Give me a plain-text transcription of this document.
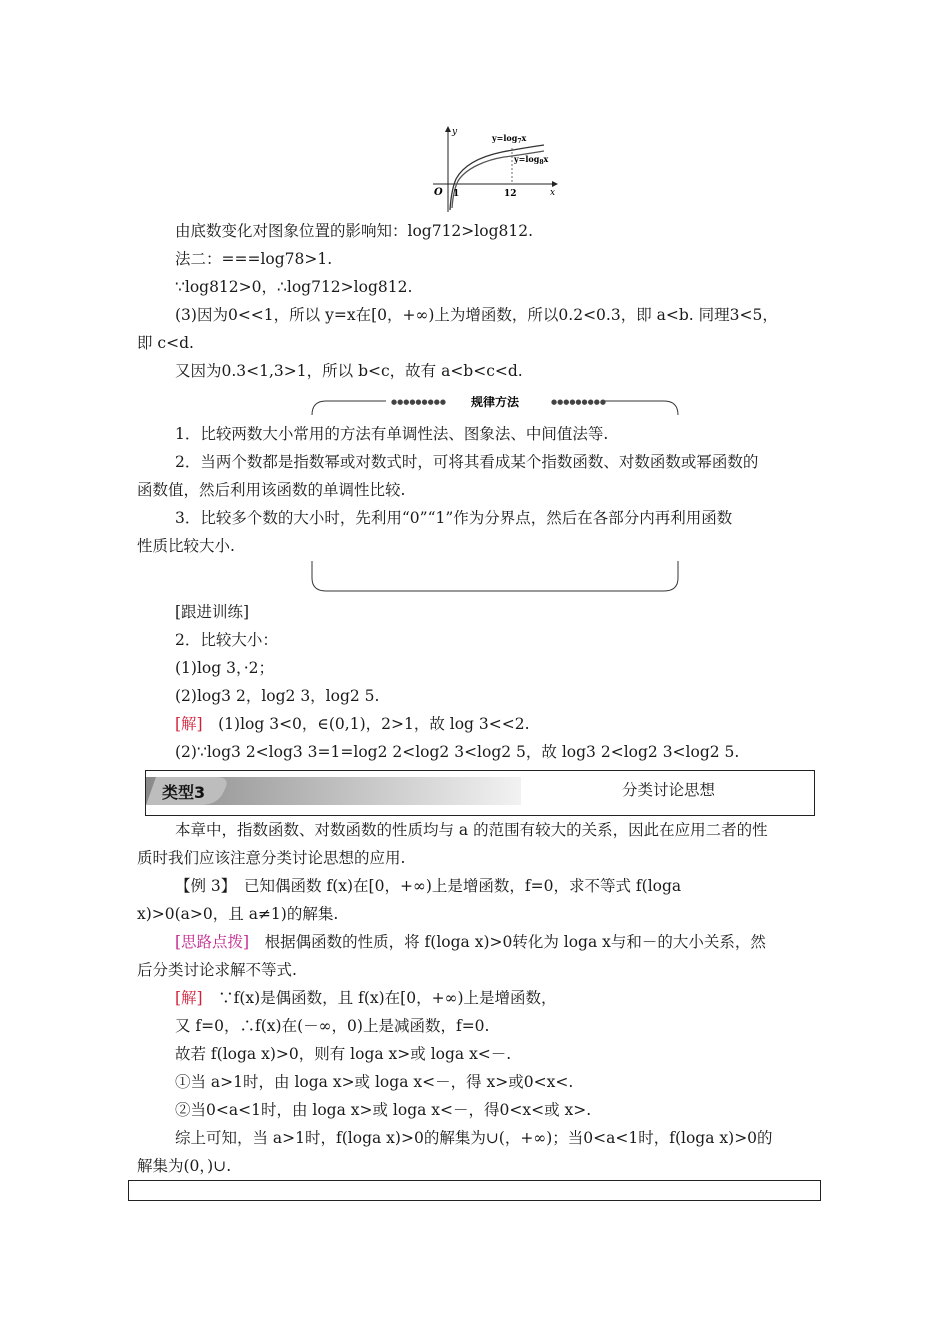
y
x
O 1	12
$y=\log_7x$
$y=\log_8x$
由底数变化对图象位置的影响知：log712>log812.
法二：===log78>1.
∵log812>0，∴log712>log812.
(3)因为0<<1，所以 y=x在[0，+∞)上为增函数，所以0.2<0.3，即 a<b. 同理3<5，
即 c<d.
又因为0.3<1,3>1，所以 b<c，故有 a<b<c<d.
●●●●●●●●●	●●●●●●●●●
规律方法
1．比较两数大小常用的方法有单调性法、图象法、中间值法等.
2．当两个数都是指数幂或对数式时，可将其看成某个指数函数、对数函数或幂函数的
函数值，然后利用该函数的单调性比较.
3．比较多个数的大小时，先利用“0”“1”作为分界点，然后在各部分内再利用函数
性质比较大小.
[跟进训练]
2．比较大小：
(1)log 3，·2；
(2)log3 2，log2 3，log2 5.
[解]　(1)log 3<0，∈(0,1)，2>1，故 log 3<<2.
(2)∵log3 2<log3 3=1=log2 2<log2 3<log2 5，故 log3 2<log2 3<log2 5.
类型3	分类讨论思想
本章中，指数函数、对数函数的性质均与 a 的范围有较大的关系，因此在应用二者的性
质时我们应该注意分类讨论思想的应用.
【例 3】　已知偶函数 f(x)在[0，+∞)上是增函数，f=0，求不等式 f(loga
x)>0(a>0，且 a≠1)的解集.
[思路点拨]　根据偶函数的性质，将 f(loga x)>0转化为 loga x与和－的大小关系，然
后分类讨论求解不等式.
[解]　∵f(x)是偶函数，且 f(x)在[0，+∞)上是增函数，
又 f=0，∴f(x)在(－∞，0)上是减函数，f=0.
故若 f(loga x)>0，则有 loga x>或 loga x<－.
①当 a>1时，由 loga x>或 loga x<－，得 x>或0<x<.
②当0<a<1时，由 loga x>或 loga x<－，得0<x<或 x>.
综上可知，当 a>1时，f(loga x)>0的解集为∪(，+∞)；当0<a<1时，f(loga x)>0的
解集为(0，)∪.
